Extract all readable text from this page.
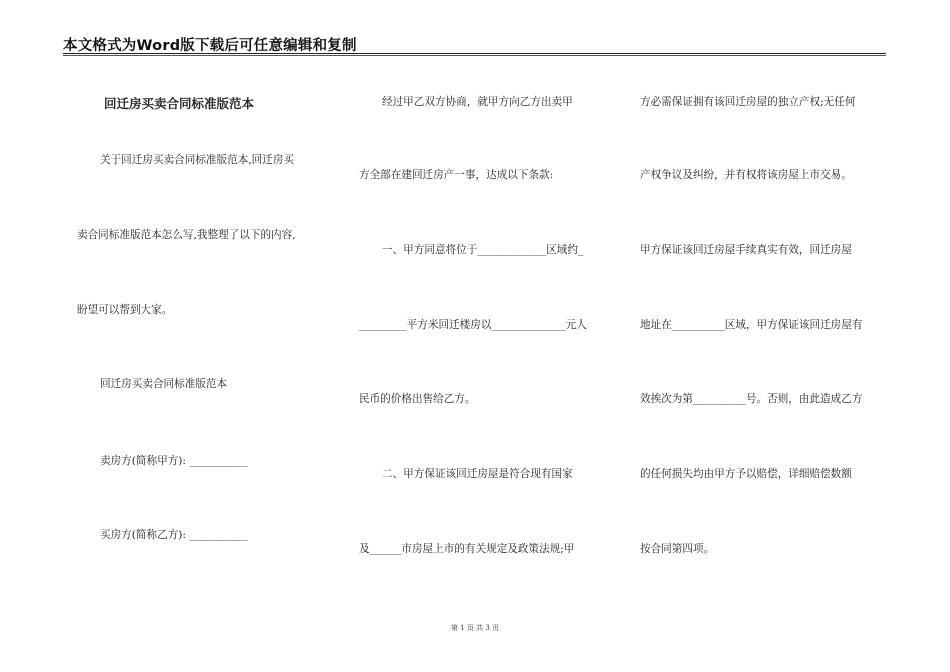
本文格式为Word版下载后可任意编辑和复制
回迁房买卖合同标准版范本
关于回迁房买卖合同标准版范本,回迁房买
卖合同标准版范本怎么写,我整理了以下的内容,
盼望可以帮到大家。
回迁房买卖合同标准版范本
卖房方(简称甲方): ___________
买房方(简称乙方): ___________
经过甲乙双方协商，就甲方向乙方出卖甲
方全部在建回迁房产一事，达成以下条款:
一、甲方同意将位于_____________区域约_
_________平方米回迁楼房以______________元人
民币的价格出售给乙方。
二、甲方保证该回迁房屋是符合现有国家
及______市房屋上市的有关规定及政策法规;甲
方必需保证拥有该回迁房屋的独立产权;无任何
产权争议及纠纷，并有权将该房屋上市交易。
甲方保证该回迁房屋手续真实有效，回迁房屋
地址在__________区域，甲方保证该回迁房屋有
效挨次为第__________号。否则，由此造成乙方
的任何损失均由甲方予以赔偿，详细赔偿数额
按合同第四项。
第 1 页 共 3 页
